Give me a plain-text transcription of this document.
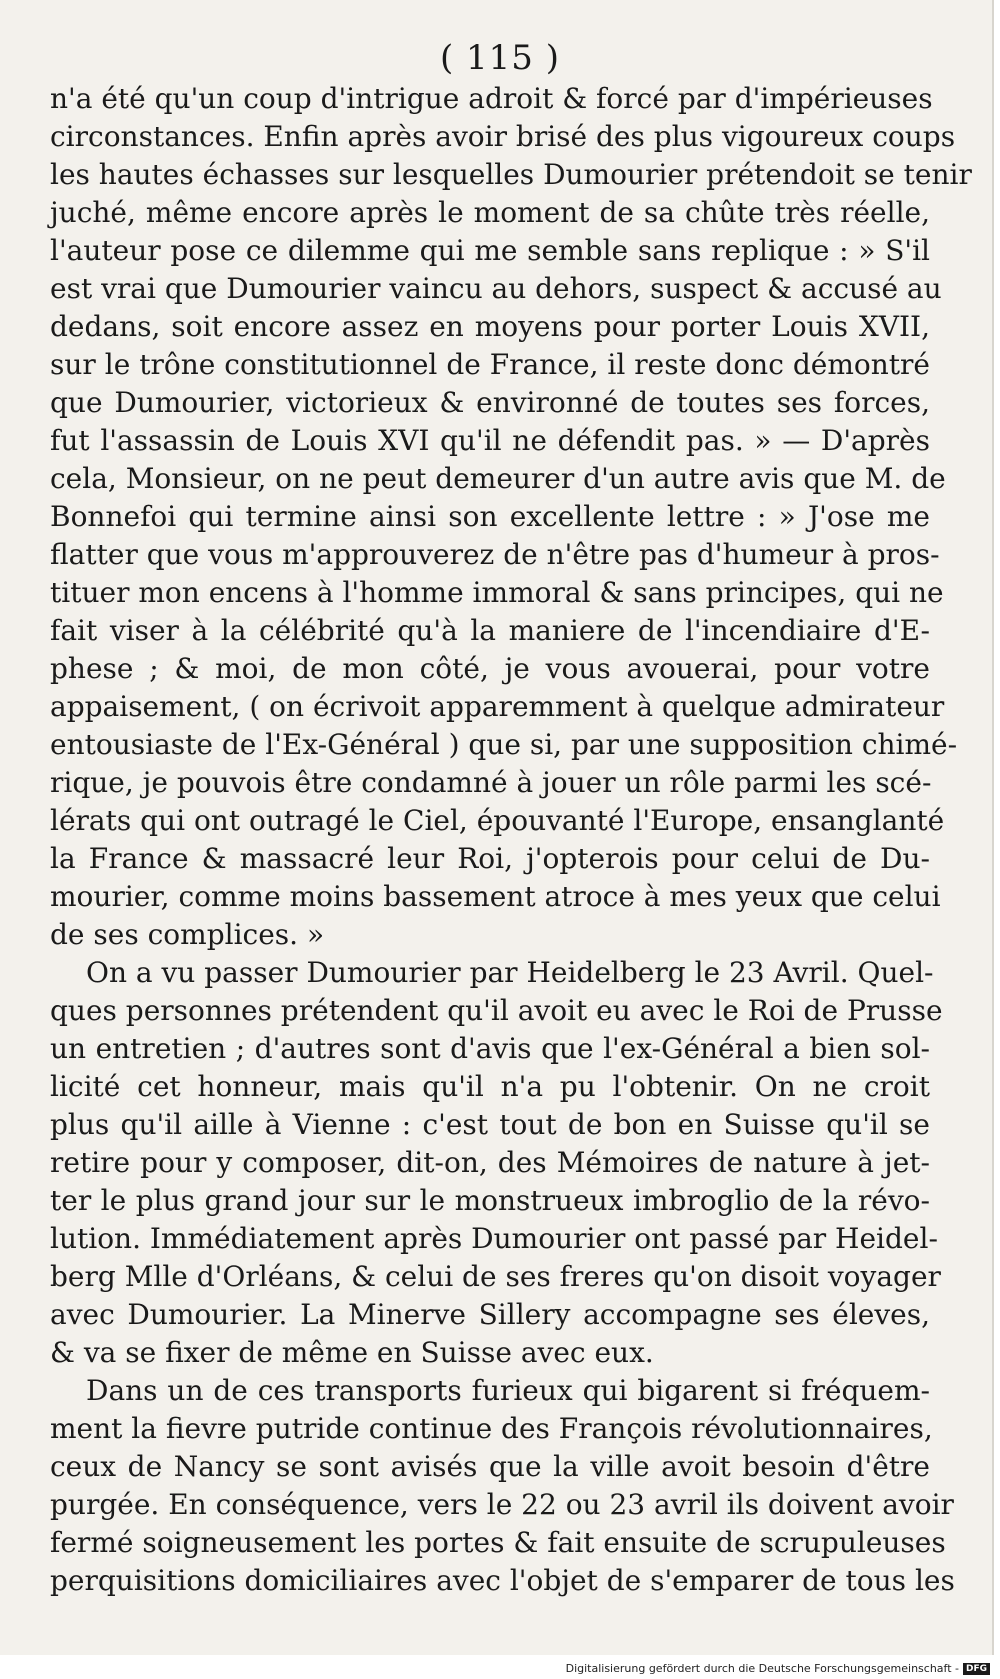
( 115 )
n'a été qu'un coup d'intrigue adroit & forcé par d'impérieuses
circonstances. Enfin après avoir brisé des plus vigoureux coups
les hautes échasses sur lesquelles Dumourier prétendoit se tenir
juché, même encore après le moment de sa chûte très réelle,
l'auteur pose ce dilemme qui me semble sans replique : » S'il
est vrai que Dumourier vaincu au dehors, suspect & accusé au
dedans, soit encore assez en moyens pour porter Louis XVII,
sur le trône constitutionnel de France, il reste donc démontré
que Dumourier, victorieux & environné de toutes ses forces,
fut l'assassin de Louis XVI qu'il ne défendit pas. » — D'après
cela, Monsieur, on ne peut demeurer d'un autre avis que M. de
Bonnefoi qui termine ainsi son excellente lettre : » J'ose me
flatter que vous m'approuverez de n'être pas d'humeur à pros-
tituer mon encens à l'homme immoral & sans principes, qui ne
fait viser à la célébrité qu'à la maniere de l'incendiaire d'E-
phese ; & moi, de mon côté, je vous avouerai, pour votre
appaisement, ( on écrivoit apparemment à quelque admirateur
entousiaste de l'Ex-Général ) que si, par une supposition chimé-
rique, je pouvois être condamné à jouer un rôle parmi les scé-
lérats qui ont outragé le Ciel, épouvanté l'Europe, ensanglanté
la France & massacré leur Roi, j'opterois pour celui de Du-
mourier, comme moins bassement atroce à mes yeux que celui
de ses complices. »
On a vu passer Dumourier par Heidelberg le 23 Avril. Quel-
ques personnes prétendent qu'il avoit eu avec le Roi de Prusse
un entretien ; d'autres sont d'avis que l'ex-Général a bien sol-
licité cet honneur, mais qu'il n'a pu l'obtenir. On ne croit
plus qu'il aille à Vienne : c'est tout de bon en Suisse qu'il se
retire pour y composer, dit-on, des Mémoires de nature à jet-
ter le plus grand jour sur le monstrueux imbroglio de la révo-
lution. Immédiatement après Dumourier ont passé par Heidel-
berg Mlle d'Orléans, & celui de ses freres qu'on disoit voyager
avec Dumourier. La Minerve Sillery accompagne ses éleves,
& va se fixer de même en Suisse avec eux.
Dans un de ces transports furieux qui bigarent si fréquem-
ment la fievre putride continue des François révolutionnaires,
ceux de Nancy se sont avisés que la ville avoit besoin d'être
purgée. En conséquence, vers le 22 ou 23 avril ils doivent avoir
fermé soigneusement les portes & fait ensuite de scrupuleuses
perquisitions domiciliaires avec l'objet de s'emparer de tous les
Digitalisierung gefördert durch die Deutsche Forschungsgemeinschaft - DFG
